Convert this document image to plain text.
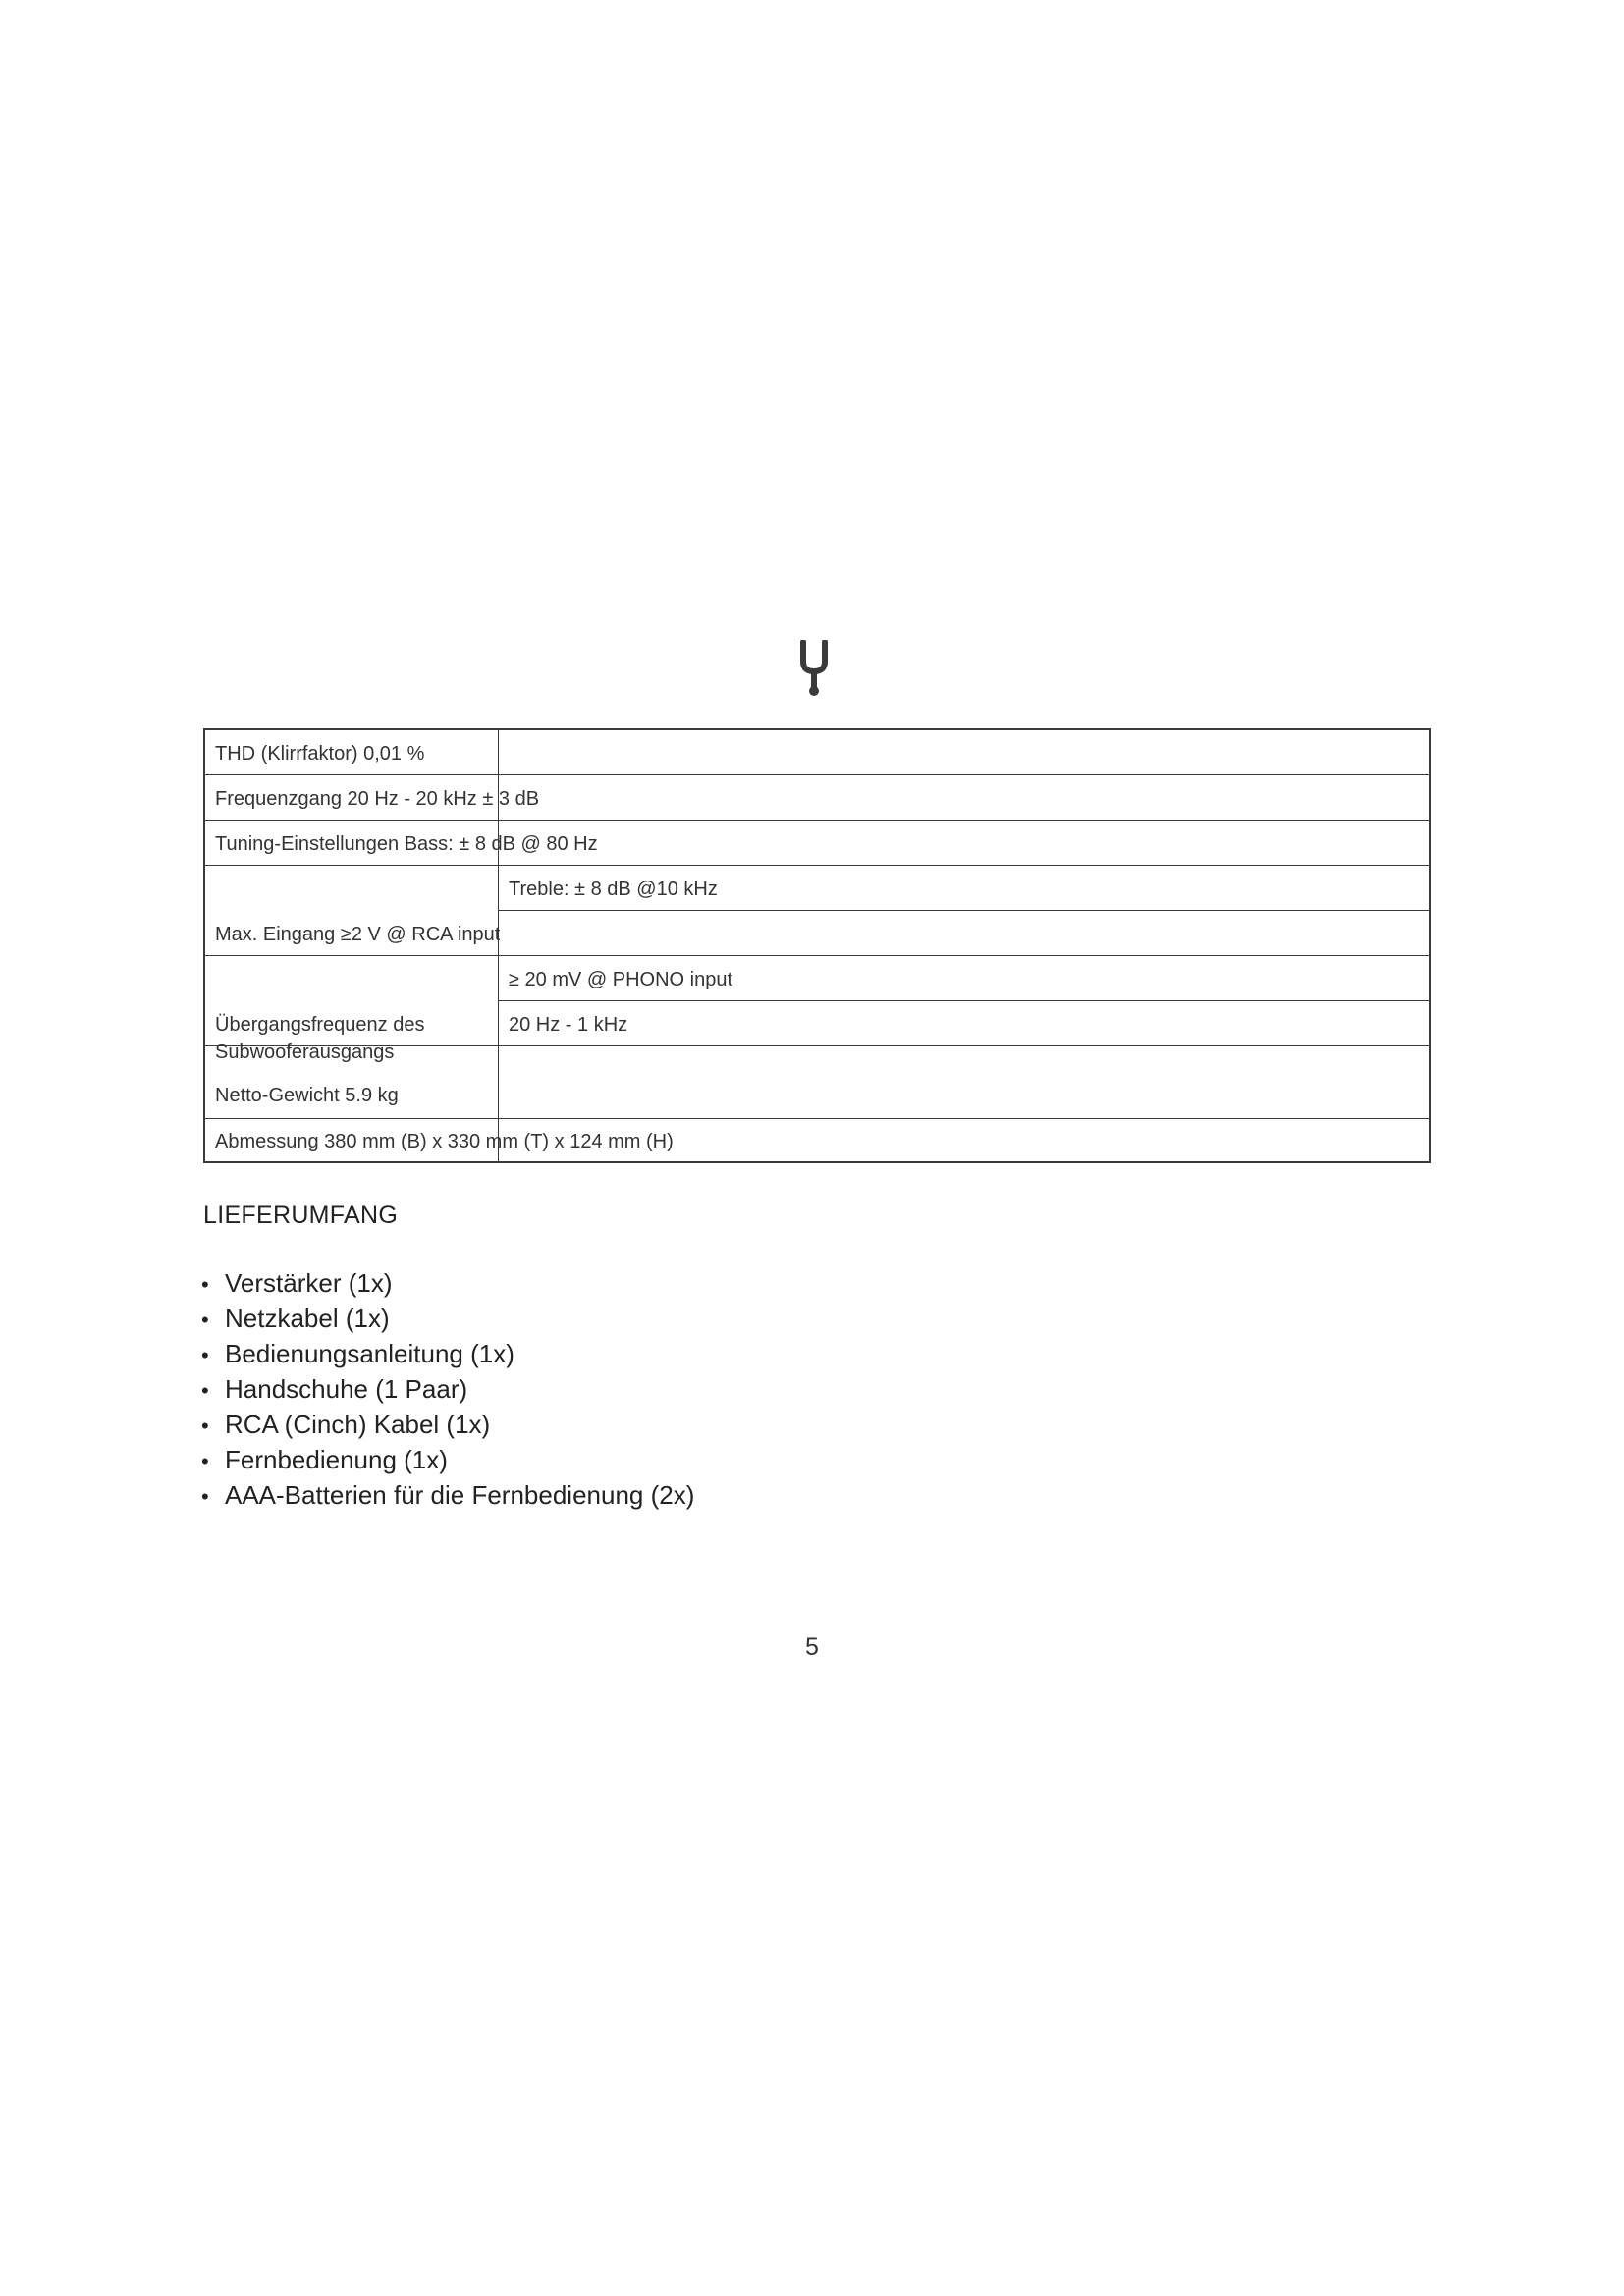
THD (Klirrfaktor) 0,01 %
Frequenzgang 20 Hz - 20 kHz ± 3 dB
Tuning-Einstellungen Bass: ± 8 dB @ 80 Hz
Treble: ± 8 dB @10 kHz
Max. Eingang ≥2 V @ RCA input
≥ 20 mV @ PHONO input
Übergangsfrequenz des Subwooferausgangs
20 Hz - 1 kHz
Netto-Gewicht 5.9 kg
Abmessung 380 mm (B) x 330 mm (T) x 124 mm (H)
LIEFERUMFANG
• Verstärker (1x)
• Netzkabel (1x)
• Bedienungsanleitung (1x)
• Handschuhe (1 Paar)
• RCA (Cinch) Kabel (1x)
• Fernbedienung (1x)
• AAA-Batterien für die Fernbedienung (2x)
5
